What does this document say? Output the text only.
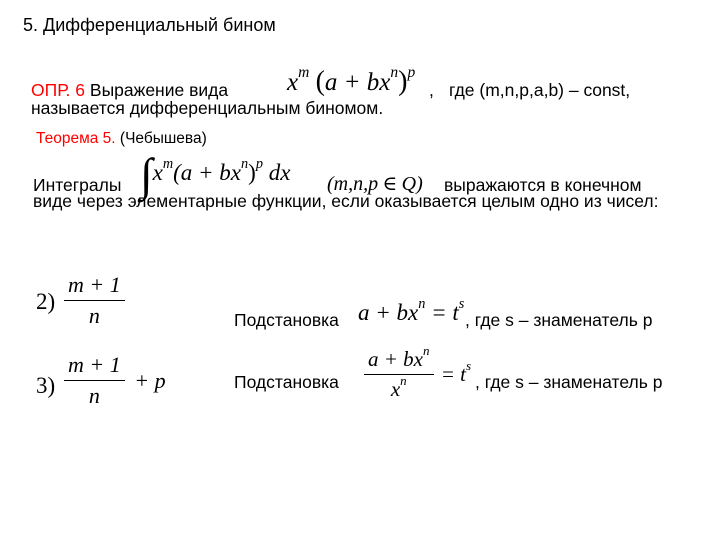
5. Дифференциальный бином
ОПР. 6 Выражение вида $x^m$ $(a + bx^n)^p$
, где (m,n,p,a,b) – const,
называется дифференциальным биномом.
Теорема 5. (Чебышева)
Интегралы $\int x^m(a + bx^n)^p$ dx (m,n,p ∈ Q) выражаются в конечном
виде через элементарные функции, если оказывается целым одно из чисел:
$2) \frac{m + 1}{n}$	Подстановка $a + bx^n = t^s$
, где s – знаменатель p
$3) \frac{m + 1}{n} + p$	Подстановка $\frac{a + bx^n}{x^n} = t^s$
, где s – знаменатель p
